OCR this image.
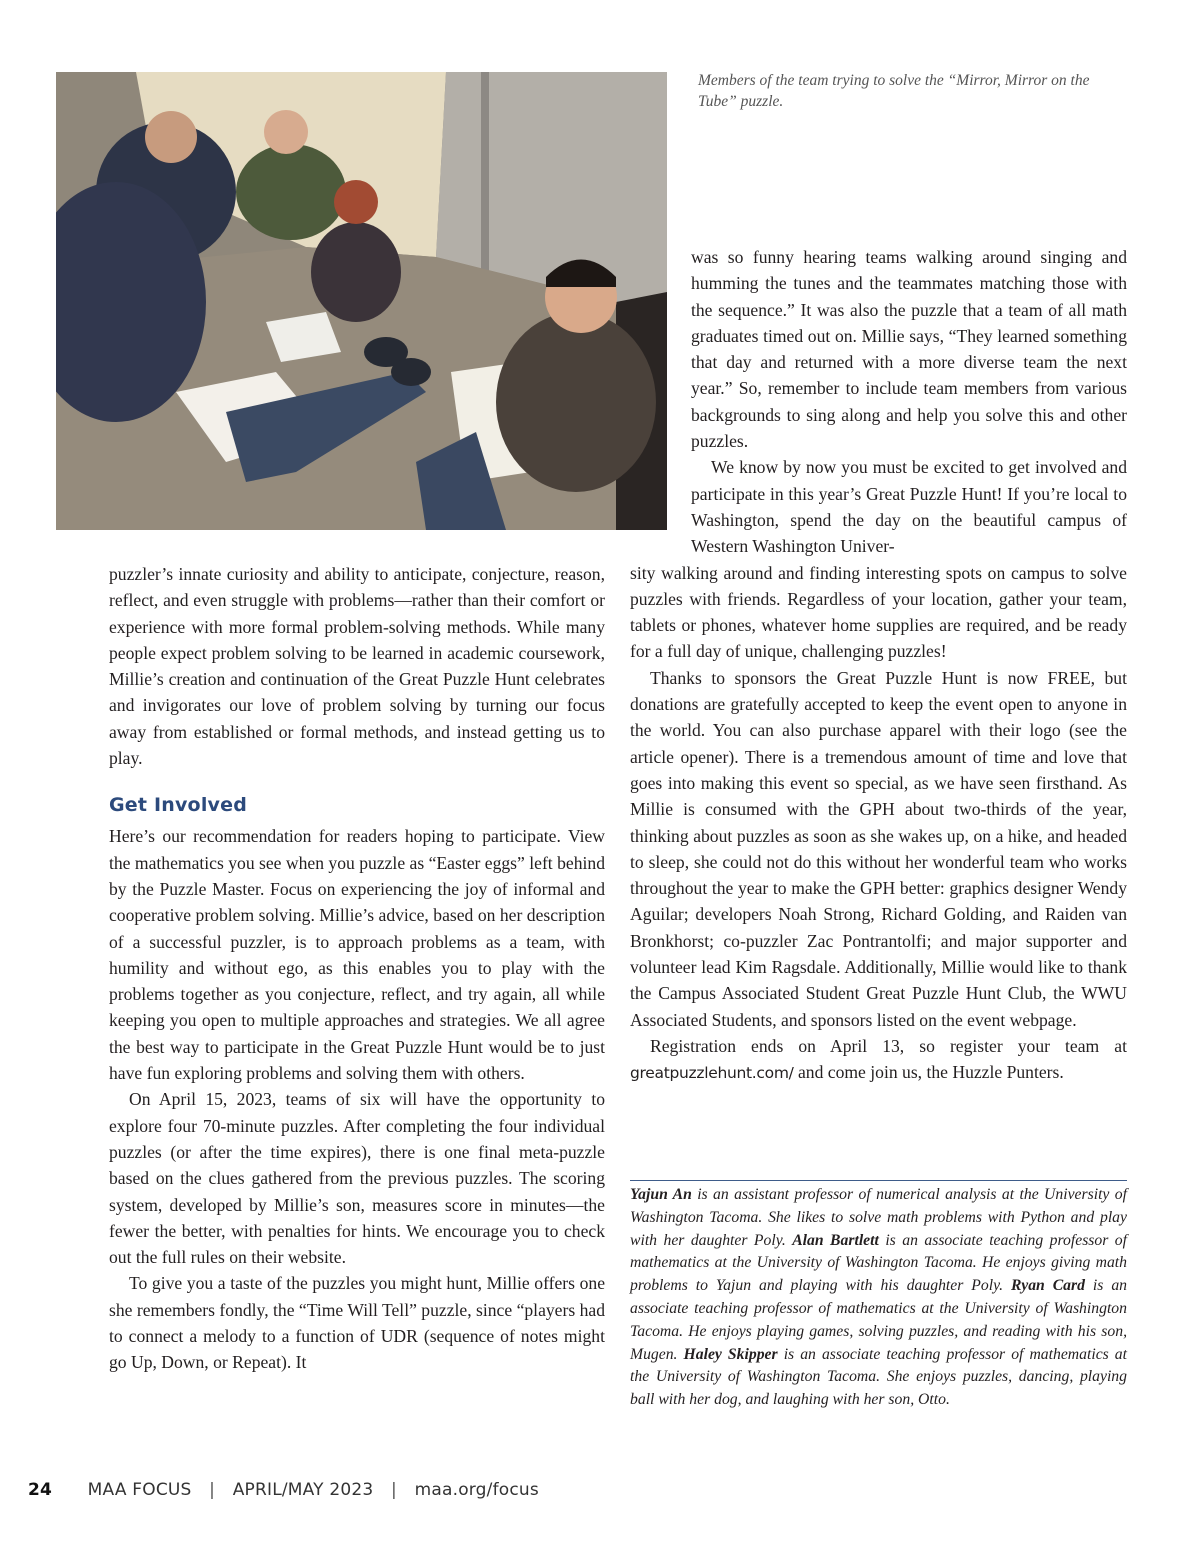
Members of the team trying to solve the “Mirror, Mirror on the Tube” puzzle.

puzzler’s innate curiosity and ability to anticipate, conjecture, reason, reflect, and even struggle with problems—rather than their comfort or experience with more formal problem-solving methods. While many people expect problem solving to be learned in academic coursework, Millie’s creation and continuation of the Great Puzzle Hunt celebrates and invigorates our love of problem solving by turning our focus away from established or formal methods, and instead getting us to play.

Get Involved

Here’s our recommendation for readers hoping to participate. View the mathematics you see when you puzzle as “Easter eggs” left behind by the Puzzle Master. Focus on experiencing the joy of informal and cooperative problem solving. Millie’s advice, based on her description of a successful puzzler, is to approach problems as a team, with humility and without ego, as this enables you to play with the problems together as you conjecture, reflect, and try again, all while keeping you open to multiple approaches and strategies. We all agree the best way to participate in the Great Puzzle Hunt would be to just have fun exploring problems and solving them with others.

On April 15, 2023, teams of six will have the opportunity to explore four 70-minute puzzles. After completing the four individual puzzles (or after the time expires), there is one final meta-puzzle based on the clues gathered from the previous puzzles. The scoring system, developed by Millie’s son, measures score in minutes—the fewer the better, with penalties for hints. We encourage you to check out the full rules on their website.

To give you a taste of the puzzles you might hunt, Millie offers one she remembers fondly, the “Time Will Tell” puzzle, since “players had to connect a melody to a function of UDR (sequence of notes might go Up, Down, or Repeat). It

was so funny hearing teams walking around singing and humming the tunes and the teammates matching those with the sequence.” It was also the puzzle that a team of all math graduates timed out on. Millie says, “They learned something that day and returned with a more diverse team the next year.” So, remember to include team members from various backgrounds to sing along and help you solve this and other puzzles.

We know by now you must be excited to get involved and participate in this year’s Great Puzzle Hunt! If you’re local to Washington, spend the day on the beautiful campus of Western Washington Univer-

sity walking around and finding interesting spots on campus to solve puzzles with friends. Regardless of your location, gather your team, tablets or phones, whatever home supplies are required, and be ready for a full day of unique, challenging puzzles!

Thanks to sponsors the Great Puzzle Hunt is now FREE, but donations are gratefully accepted to keep the event open to anyone in the world. You can also purchase apparel with their logo (see the article opener). There is a tremendous amount of time and love that goes into making this event so special, as we have seen firsthand. As Millie is consumed with the GPH about two-thirds of the year, thinking about puzzles as soon as she wakes up, on a hike, and headed to sleep, she could not do this without her wonderful team who works throughout the year to make the GPH better: graphics designer Wendy Aguilar; developers Noah Strong, Richard Golding, and Raiden van Bronkhorst; co-puzzler Zac Pontrantolfi; and major supporter and volunteer lead Kim Ragsdale. Additionally, Millie would like to thank the Campus Associated Student Great Puzzle Hunt Club, the WWU Associated Students, and sponsors listed on the event webpage.

Registration ends on April 13, so register your team at greatpuzzlehunt.com/ and come join us, the Huzzle Punters.

Yajun An is an assistant professor of numerical analysis at the University of Washington Tacoma. She likes to solve math problems with Python and play with her daughter Poly. Alan Bartlett is an associate teaching professor of mathematics at the University of Washington Tacoma. He enjoys giving math problems to Yajun and playing with his daughter Poly. Ryan Card is an associate teaching professor of mathematics at the University of Washington Tacoma. He enjoys playing games, solving puzzles, and reading with his son, Mugen. Haley Skipper is an associate teaching professor of mathematics at the University of Washington Tacoma. She enjoys puzzles, dancing, playing ball with her dog, and laughing with her son, Otto.
24 MAA FOCUS | APRIL/MAY 2023 | maa.org/focus
